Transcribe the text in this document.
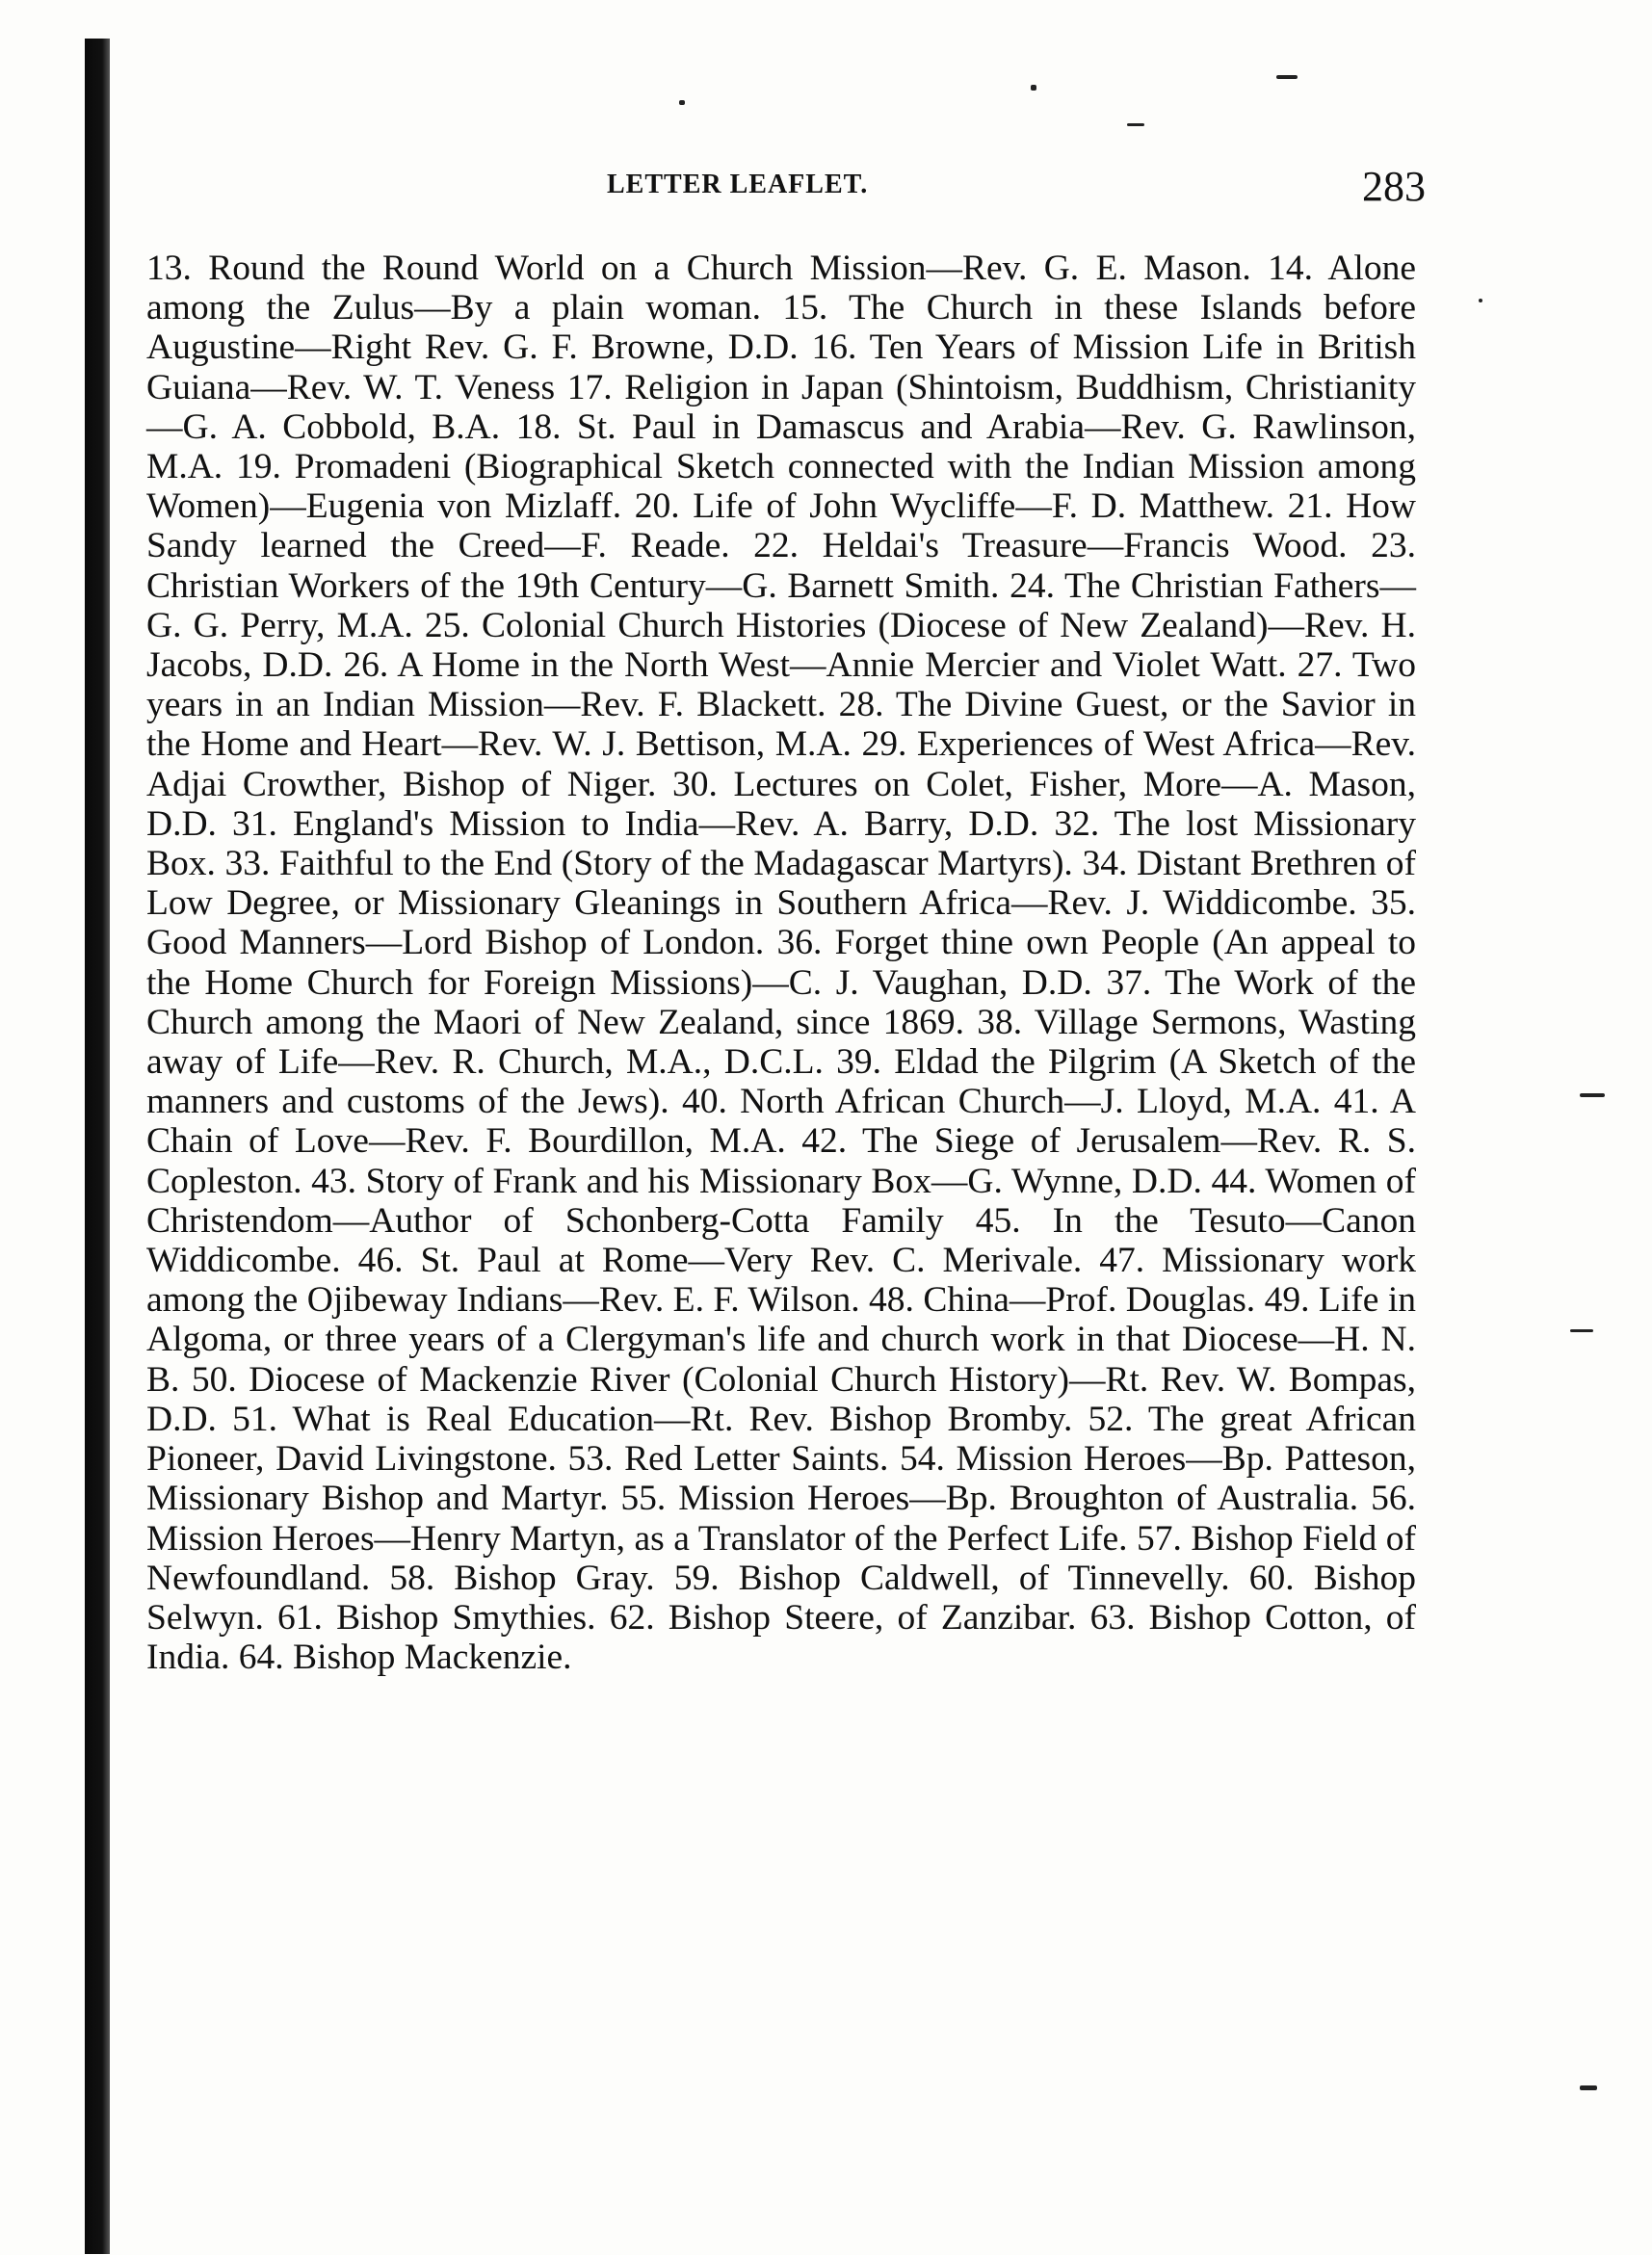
LETTER LEAFLET.	283

13. Round the Round World on a Church Mission—Rev. G. E. Mason. 14. Alone among the Zulus—By a plain woman. 15. The Church in these Islands before Augustine—Right Rev. G. F. Browne, D.D. 16. Ten Years of Mission Life in British Guiana—Rev. W. T. Veness 17. Religion in Japan (Shintoism, Buddhism, Christianity—G. A. Cobbold, B.A. 18. St. Paul in Damascus and Arabia—Rev. G. Rawlinson, M.A. 19. Promadeni (Biographical Sketch connected with the Indian Mission among Women)—Eugenia von Mizlaff. 20. Life of John Wycliffe—F. D. Matthew. 21. How Sandy learned the Creed—F. Reade. 22. Heldai's Treasure—Francis Wood. 23. Christian Workers of the 19th Century—G. Barnett Smith. 24. The Christian Fathers—G. G. Perry, M.A. 25. Colonial Church Histories (Diocese of New Zealand)—Rev. H. Jacobs, D.D. 26. A Home in the North West—Annie Mercier and Violet Watt. 27. Two years in an Indian Mission—Rev. F. Blackett. 28. The Divine Guest, or the Savior in the Home and Heart—Rev. W. J. Bettison, M.A. 29. Experiences of West Africa—Rev. Adjai Crowther, Bishop of Niger. 30. Lectures on Colet, Fisher, More—A. Mason, D.D. 31. England's Mission to India—Rev. A. Barry, D.D. 32. The lost Missionary Box. 33. Faithful to the End (Story of the Madagascar Martyrs). 34. Distant Brethren of Low Degree, or Missionary Gleanings in Southern Africa—Rev. J. Widdicombe. 35. Good Manners—Lord Bishop of London. 36. Forget thine own People (An appeal to the Home Church for Foreign Missions)—C. J. Vaughan, D.D. 37. The Work of the Church among the Maori of New Zealand, since 1869. 38. Village Sermons, Wasting away of Life—Rev. R. Church, M.A., D.C.L. 39. Eldad the Pilgrim (A Sketch of the manners and customs of the Jews). 40. North African Church—J. Lloyd, M.A. 41. A Chain of Love—Rev. F. Bourdillon, M.A. 42. The Siege of Jerusalem—Rev. R. S. Copleston. 43. Story of Frank and his Missionary Box—G. Wynne, D.D. 44. Women of Christendom—Author of Schonberg-Cotta Family 45. In the Tesuto—Canon Widdicombe. 46. St. Paul at Rome—Very Rev. C. Merivale. 47. Missionary work among the Ojibeway Indians—Rev. E. F. Wilson. 48. China—Prof. Douglas. 49. Life in Algoma, or three years of a Clergyman's life and church work in that Diocese—H. N. B. 50. Diocese of Mackenzie River (Colonial Church History)—Rt. Rev. W. Bompas, D.D. 51. What is Real Education—Rt. Rev. Bishop Bromby. 52. The great African Pioneer, David Livingstone. 53. Red Letter Saints. 54. Mission Heroes—Bp. Patteson, Missionary Bishop and Martyr. 55. Mission Heroes—Bp. Broughton of Australia. 56. Mission Heroes—Henry Martyn, as a Translator of the Perfect Life. 57. Bishop Field of Newfoundland. 58. Bishop Gray. 59. Bishop Caldwell, of Tinnevelly. 60. Bishop Selwyn. 61. Bishop Smythies. 62. Bishop Steere, of Zanzibar. 63. Bishop Cotton, of India. 64. Bishop Mackenzie.
